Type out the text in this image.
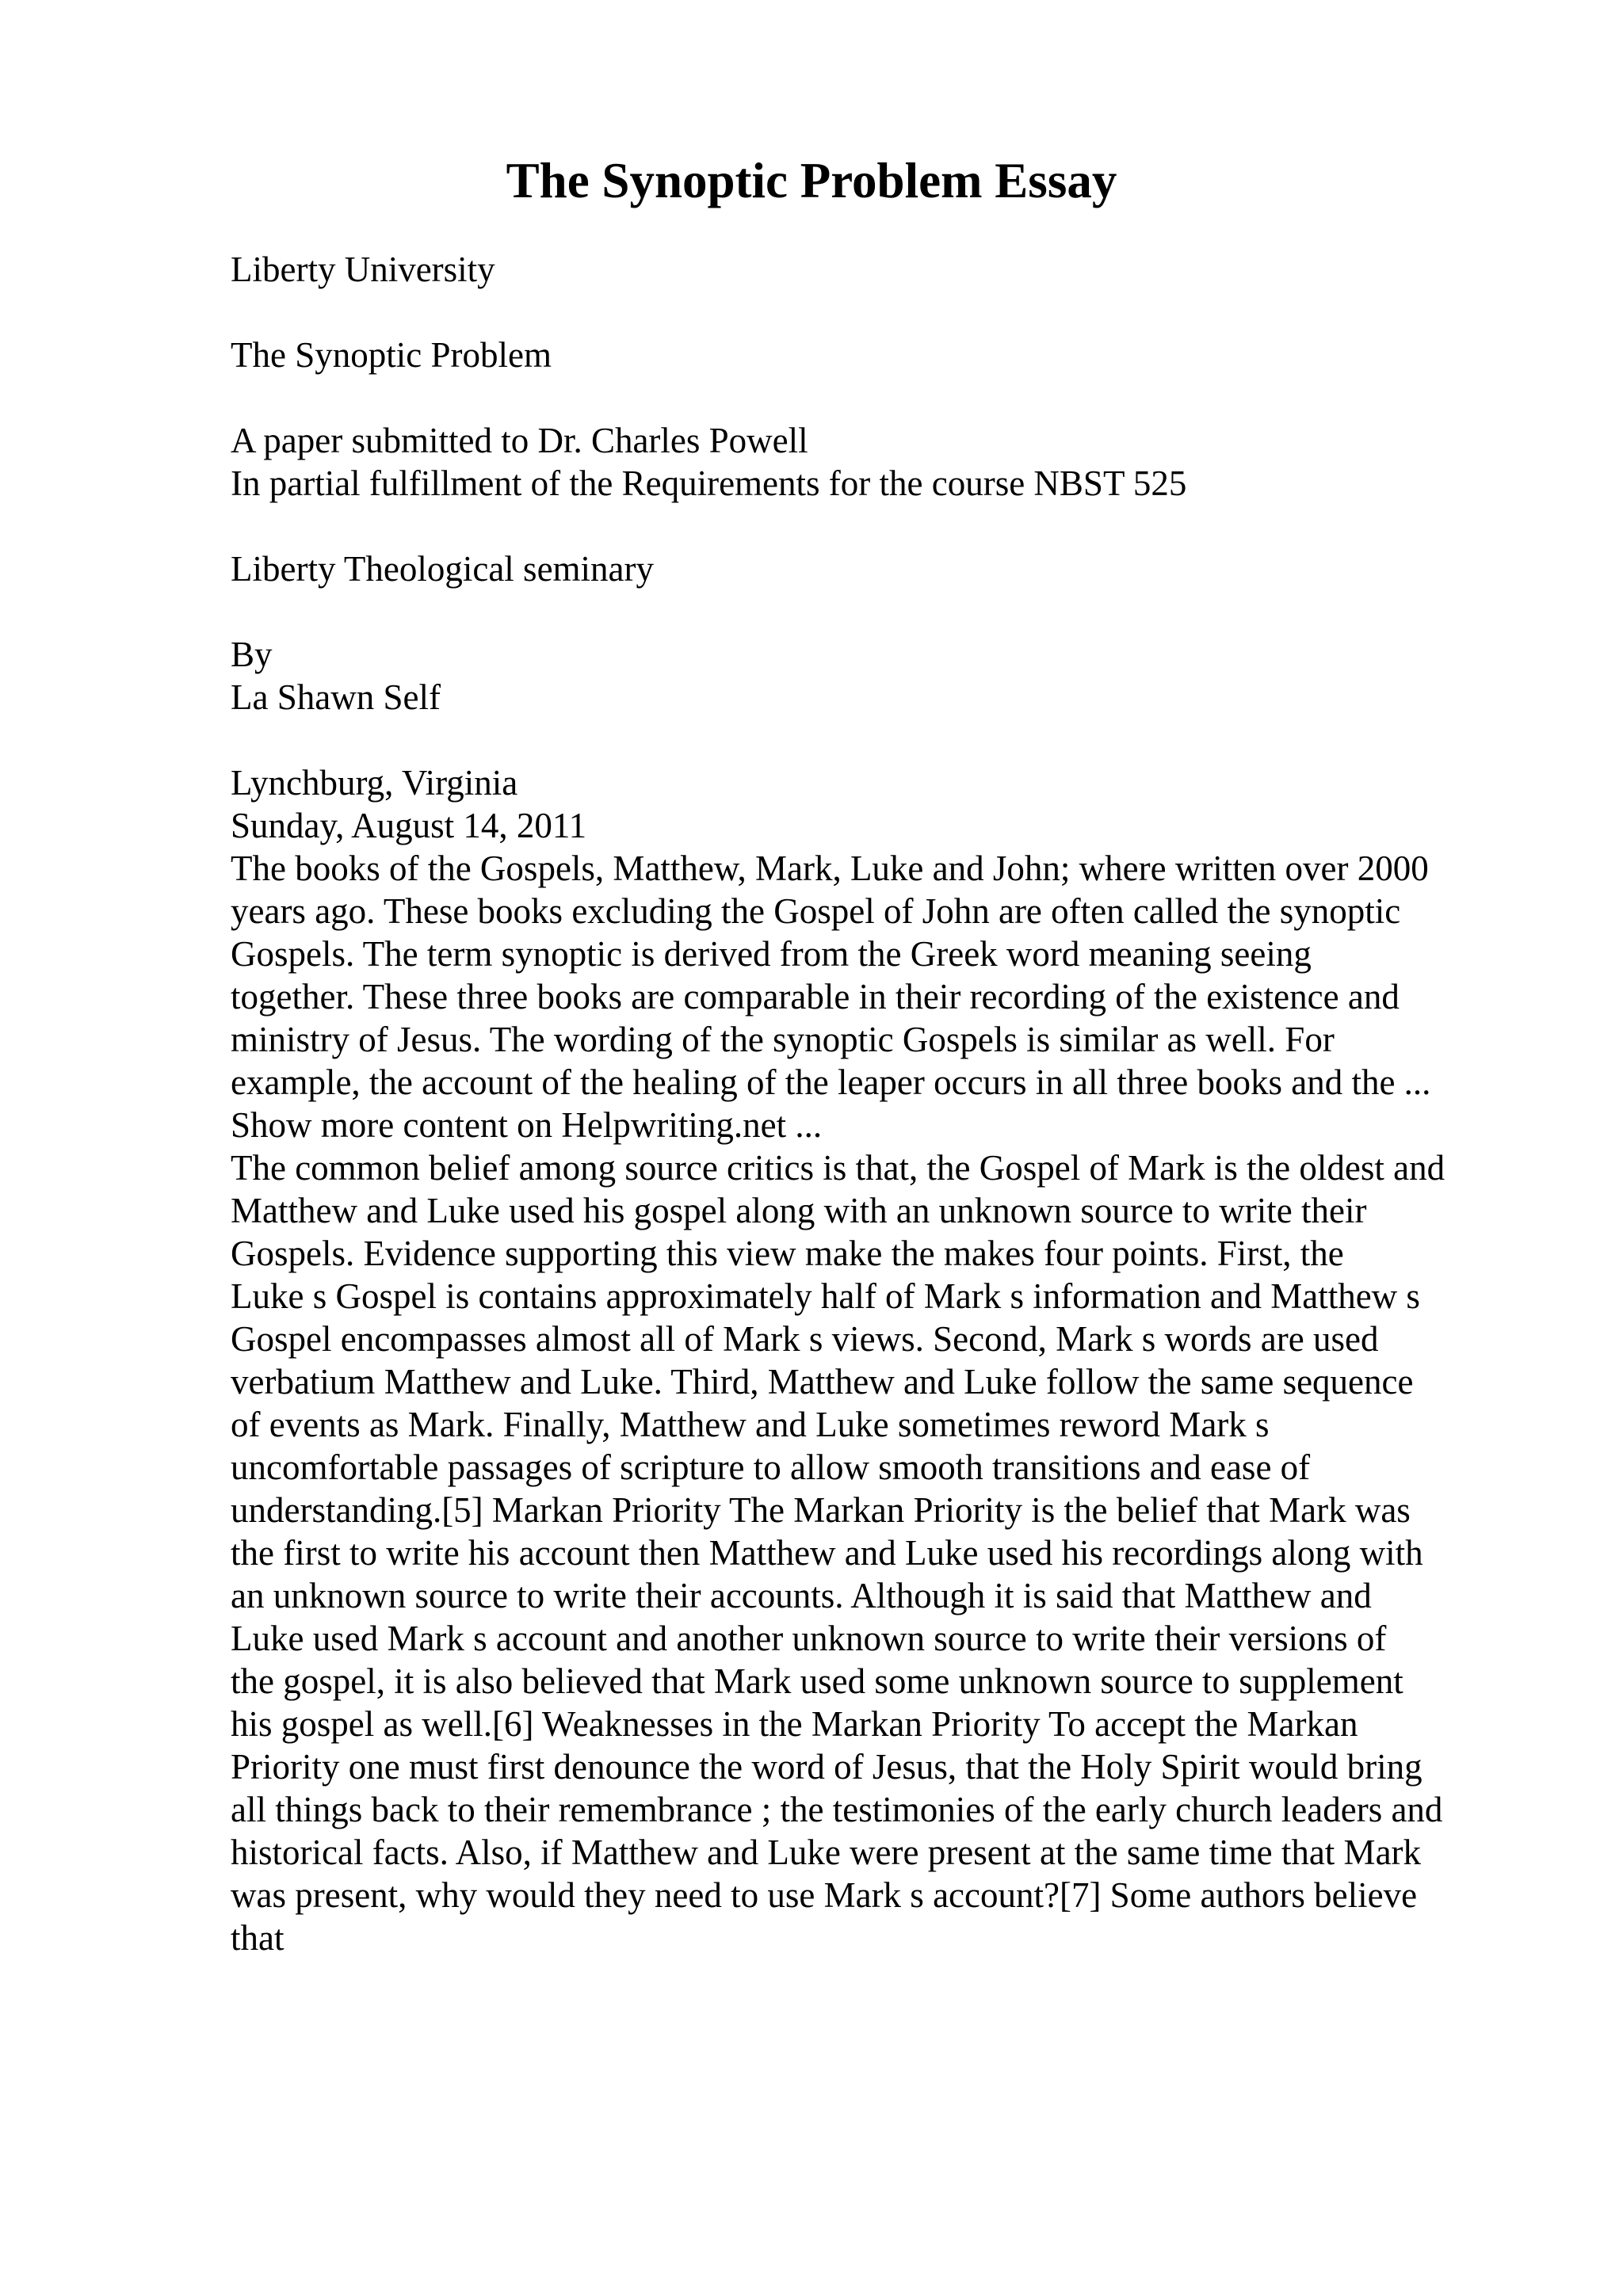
The Synoptic Problem Essay

Liberty University

The Synoptic Problem

A paper submitted to Dr. Charles Powell

In partial fulfillment of the Requirements for the course NBST 525

Liberty Theological seminary

By

La Shawn Self

Lynchburg, Virginia

Sunday, August 14, 2011
The books of the Gospels, Matthew, Mark, Luke and John; where written over 2000
years ago. These books excluding the Gospel of John are often called the synoptic
Gospels. The term synoptic is derived from the Greek word meaning seeing
together. These three books are comparable in their recording of the existence and
ministry of Jesus. The wording of the synoptic Gospels is similar as well. For
example, the account of the healing of the leaper occurs in all three books and the ...
Show more content on Helpwriting.net ...
The common belief among source critics is that, the Gospel of Mark is the oldest and
Matthew and Luke used his gospel along with an unknown source to write their
Gospels. Evidence supporting this view make the makes four points. First, the
Luke s Gospel is contains approximately half of Mark s information and Matthew s
Gospel encompasses almost all of Mark s views. Second, Mark s words are used
verbatium Matthew and Luke. Third, Matthew and Luke follow the same sequence
of events as Mark. Finally, Matthew and Luke sometimes reword Mark s
uncomfortable passages of scripture to allow smooth transitions and ease of
understanding.[5] Markan Priority The Markan Priority is the belief that Mark was
the first to write his account then Matthew and Luke used his recordings along with
an unknown source to write their accounts. Although it is said that Matthew and
Luke used Mark s account and another unknown source to write their versions of
the gospel, it is also believed that Mark used some unknown source to supplement
his gospel as well.[6] Weaknesses in the Markan Priority To accept the Markan
Priority one must first denounce the word of Jesus, that the Holy Spirit would bring
all things back to their remembrance ; the testimonies of the early church leaders and
historical facts. Also, if Matthew and Luke were present at the same time that Mark
was present, why would they need to use Mark s account?[7] Some authors believe
that
